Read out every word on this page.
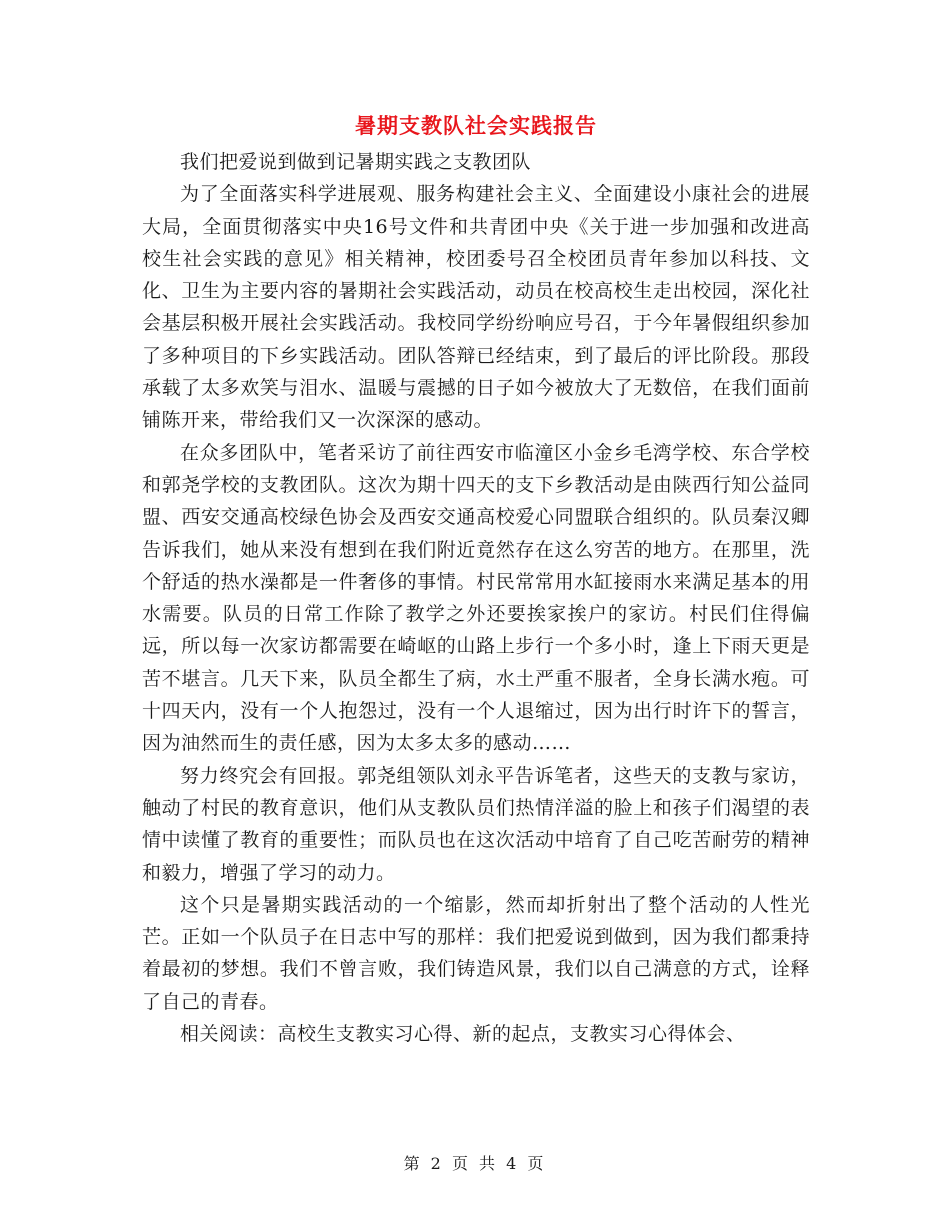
暑期支教队社会实践报告

我们把爱说到做到记暑期实践之支教团队

为了全面落实科学进展观、服务构建社会主义、全面建设小康社会的进展大局，全面贯彻落实中央16号文件和共青团中央《关于进一步加强和改进高校生社会实践的意见》相关精神，校团委号召全校团员青年参加以科技、文化、卫生为主要内容的暑期社会实践活动，动员在校高校生走出校园，深化社会基层积极开展社会实践活动。我校同学纷纷响应号召，于今年暑假组织参加了多种项目的下乡实践活动。团队答辩已经结束，到了最后的评比阶段。那段承载了太多欢笑与泪水、温暖与震撼的日子如今被放大了无数倍，在我们面前铺陈开来，带给我们又一次深深的感动。

在众多团队中，笔者采访了前往西安市临潼区小金乡毛湾学校、东合学校和郭尧学校的支教团队。这次为期十四天的支下乡教活动是由陕西行知公益同盟、西安交通高校绿色协会及西安交通高校爱心同盟联合组织的。队员秦汉卿告诉我们，她从来没有想到在我们附近竟然存在这么穷苦的地方。在那里，洗个舒适的热水澡都是一件奢侈的事情。村民常常用水缸接雨水来满足基本的用水需要。队员的日常工作除了教学之外还要挨家挨户的家访。村民们住得偏远，所以每一次家访都需要在崎岖的山路上步行一个多小时，逢上下雨天更是苦不堪言。几天下来，队员全都生了病，水土严重不服者，全身长满水疱。可十四天内，没有一个人抱怨过，没有一个人退缩过，因为出行时许下的誓言，因为油然而生的责任感，因为太多太多的感动……

努力终究会有回报。郭尧组领队刘永平告诉笔者，这些天的支教与家访，触动了村民的教育意识，他们从支教队员们热情洋溢的脸上和孩子们渴望的表情中读懂了教育的重要性；而队员也在这次活动中培育了自己吃苦耐劳的精神和毅力，增强了学习的动力。

这个只是暑期实践活动的一个缩影，然而却折射出了整个活动的人性光芒。正如一个队员子在日志中写的那样：我们把爱说到做到，因为我们都秉持着最初的梦想。我们不曾言败，我们铸造风景，我们以自己满意的方式，诠释了自己的青春。

相关阅读：高校生支教实习心得、新的起点，支教实习心得体会、

第 2 页 共 4 页
